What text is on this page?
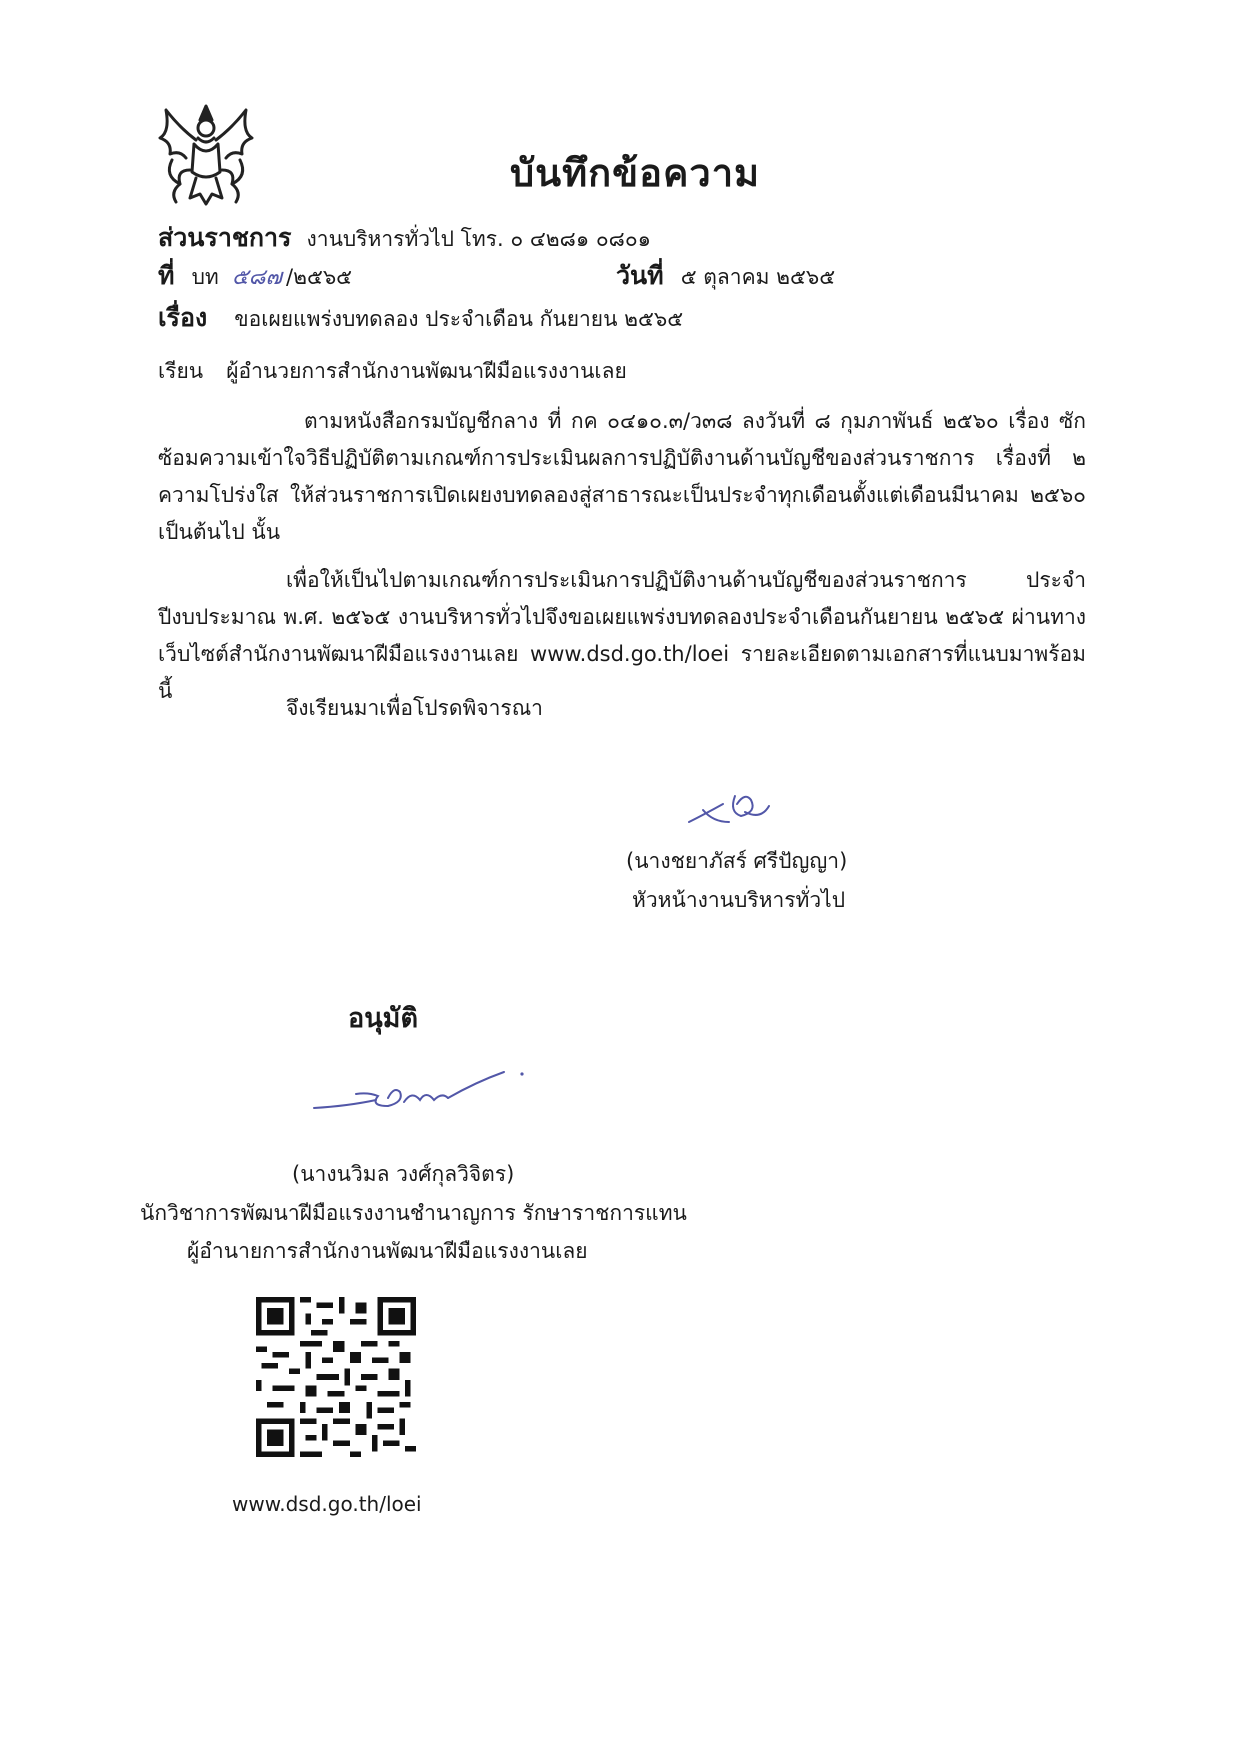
บันทึกข้อความ
ส่วนราชการ งานบริหารทั่วไป โทร. ๐ ๔๒๘๑ ๐๘๐๑
ที่ บท ๕๘๗ /๒๕๖๕	วันที่ ๕ ตุลาคม ๒๕๖๕
เรื่อง ขอเผยแพร่งบทดลอง ประจำเดือน กันยายน ๒๕๖๕
เรียน ผู้อำนวยการสำนักงานพัฒนาฝีมือแรงงานเลย
ตามหนังสือกรมบัญชีกลาง ที่ กค ๐๔๑๐.๓/ว๓๘ ลงวันที่ ๘ กุมภาพันธ์ ๒๕๖๐ เรื่อง ซักซ้อมความเข้าใจวิธีปฏิบัติตามเกณฑ์การประเมินผลการปฏิบัติงานด้านบัญชีของส่วนราชการ เรื่องที่ ๒ ความโปร่งใส ให้ส่วนราชการเปิดเผยงบทดลองสู่สาธารณะเป็นประจำทุกเดือนตั้งแต่เดือนมีนาคม ๒๕๖๐ เป็นต้นไป นั้น
เพื่อให้เป็นไปตามเกณฑ์การประเมินการปฏิบัติงานด้านบัญชีของส่วนราชการ ประจำปีงบประมาณ พ.ศ. ๒๕๖๕ งานบริหารทั่วไปจึงขอเผยแพร่งบทดลองประจำเดือนกันยายน ๒๕๖๕ ผ่านทางเว็บไซต์สำนักงานพัฒนาฝีมือแรงงานเลย www.dsd.go.th/loei รายละเอียดตามเอกสารที่แนบมาพร้อมนี้
จึงเรียนมาเพื่อโปรดพิจารณา
(นางชยาภัสร์ ศรีปัญญา)
หัวหน้างานบริหารทั่วไป
อนุมัติ
(นางนวิมล วงศ์กุลวิจิตร)
นักวิชาการพัฒนาฝีมือแรงงานชำนาญการ รักษาราชการแทน
ผู้อำนายการสำนักงานพัฒนาฝีมือแรงงานเลย
www.dsd.go.th/loei
